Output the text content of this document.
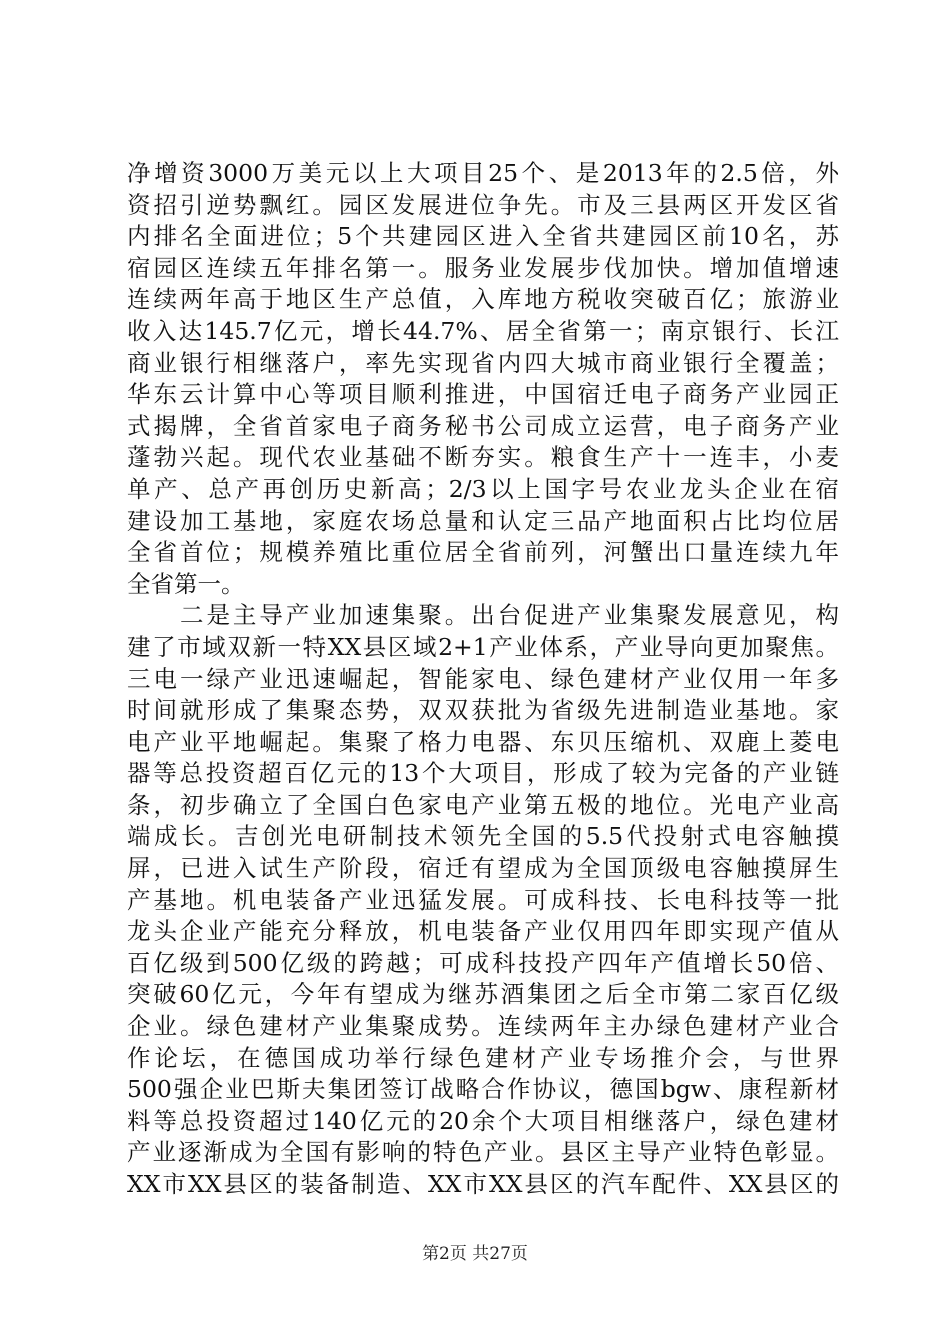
净增资3000万美元以上大项目25个、是2013年的2.5倍，外
资招引逆势飘红。园区发展进位争先。市及三县两区开发区省
内排名全面进位；5个共建园区进入全省共建园区前10名，苏
宿园区连续五年排名第一。服务业发展步伐加快。增加值增速
连续两年高于地区生产总值，入库地方税收突破百亿；旅游业
收入达145.7亿元，增长44.7%、居全省第一；南京银行、长江
商业银行相继落户，率先实现省内四大城市商业银行全覆盖；
华东云计算中心等项目顺利推进，中国宿迁电子商务产业园正
式揭牌，全省首家电子商务秘书公司成立运营，电子商务产业
蓬勃兴起。现代农业基础不断夯实。粮食生产十一连丰，小麦
单产、总产再创历史新高；2/3以上国字号农业龙头企业在宿
建设加工基地，家庭农场总量和认定三品产地面积占比均位居
全省首位；规模养殖比重位居全省前列，河蟹出口量连续九年
全省第一。
　　二是主导产业加速集聚。出台促进产业集聚发展意见，构
建了市域双新一特XX县区域2+1产业体系，产业导向更加聚焦。
三电一绿产业迅速崛起，智能家电、绿色建材产业仅用一年多
时间就形成了集聚态势，双双获批为省级先进制造业基地。家
电产业平地崛起。集聚了格力电器、东贝压缩机、双鹿上菱电
器等总投资超百亿元的13个大项目，形成了较为完备的产业链
条，初步确立了全国白色家电产业第五极的地位。光电产业高
端成长。吉创光电研制技术领先全国的5.5代投射式电容触摸
屏，已进入试生产阶段，宿迁有望成为全国顶级电容触摸屏生
产基地。机电装备产业迅猛发展。可成科技、长电科技等一批
龙头企业产能充分释放，机电装备产业仅用四年即实现产值从
百亿级到500亿级的跨越；可成科技投产四年产值增长50倍、
突破60亿元，今年有望成为继苏酒集团之后全市第二家百亿级
企业。绿色建材产业集聚成势。连续两年主办绿色建材产业合
作论坛，在德国成功举行绿色建材产业专场推介会，与世界
500强企业巴斯夫集团签订战略合作协议，德国bgw、康程新材
料等总投资超过140亿元的20余个大项目相继落户，绿色建材
产业逐渐成为全国有影响的特色产业。县区主导产业特色彰显。
XX市XX县区的装备制造、XX市XX县区的汽车配件、XX县区的
第2页 共27页
